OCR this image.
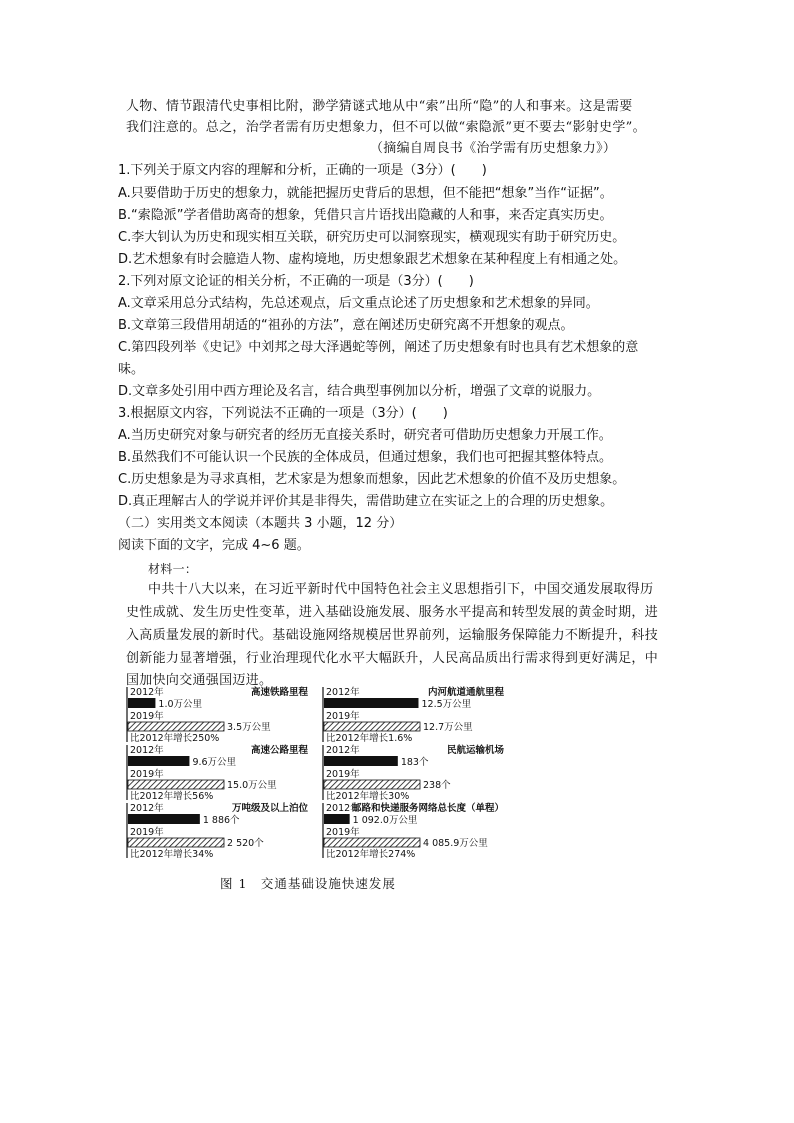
人物、情节跟清代史事相比附，渺学猜谜式地从中“索”出所“隐”的人和事来。这是需要
我们注意的。总之，治学者需有历史想象力，但不可以做“索隐派”更不要去“影射史学”。
（摘编自周良书《治学需有历史想象力》）
1.下列关于原文内容的理解和分析，正确的一项是（3分）(　　)
A.只要借助于历史的想象力，就能把握历史背后的思想，但不能把“想象”当作“证据”。
B.“索隐派”学者借助离奇的想象，凭借只言片语找出隐藏的人和事，来否定真实历史。
C.李大钊认为历史和现实相互关联，研究历史可以洞察现实，横观现实有助于研究历史。
D.艺术想象有时会臆造人物、虚构境地，历史想象跟艺术想象在某种程度上有相通之处。
2.下列对原文论证的相关分析，不正确的一项是（3分）(　　)
A.文章采用总分式结构，先总述观点，后文重点论述了历史想象和艺术想象的异同。
B.文章第三段借用胡适的“祖孙的方法”，意在阐述历史研究离不开想象的观点。
C.第四段列举《史记》中刘邦之母大泽遇蛇等例，阐述了历史想象有时也具有艺术想象的意
味。
D.文章多处引用中西方理论及名言，结合典型事例加以分析，增强了文章的说服力。
3.根据原文内容，下列说法不正确的一项是（3分）(　　)
A.当历史研究对象与研究者的经历无直接关系时，研究者可借助历史想象力开展工作。
B.虽然我们不可能认识一个民族的全体成员，但通过想象，我们也可把握其整体特点。
C.历史想象是为寻求真相，艺术家是为想象而想象，因此艺术想象的价值不及历史想象。
D.真正理解古人的学说并评价其是非得失，需借助建立在实证之上的合理的历史想象。
（二）实用类文本阅读（本题共 3 小题，12 分）
阅读下面的文字，完成 4~6 题。
材料一：
中共十八大以来，在习近平新时代中国特色社会主义思想指引下，中国交通发展取得历
史性成就、发生历史性变革，进入基础设施发展、服务水平提高和转型发展的黄金时期，进
入高质量发展的新时代。基础设施网络规模居世界前列，运输服务保障能力不断提升，科技
创新能力显著增强，行业治理现代化水平大幅跃升，人民高品质出行需求得到更好满足，中
国加快向交通强国迈进。
2012年	高速铁路里程
1.0万公里
2019年
3.5万公里
比2012年增长250%
2012年	内河航道通航里程
12.5万公里
2019年
12.7万公里
比2012年增长1.6%
2012年	高速公路里程
9.6万公里
2019年
15.0万公里
比2012年增长56%
2012年	民航运输机场
183个
2019年
238个
比2012年增长30%
2012年	万吨级及以上泊位
1 886个
2019年
2 520个
比2012年增长34%
2012年
邮路和快递服务网络总长度（单程）
1 092.0万公里
2019年
4 085.9万公里
比2012年增长274%
图 1　交通基础设施快速发展
